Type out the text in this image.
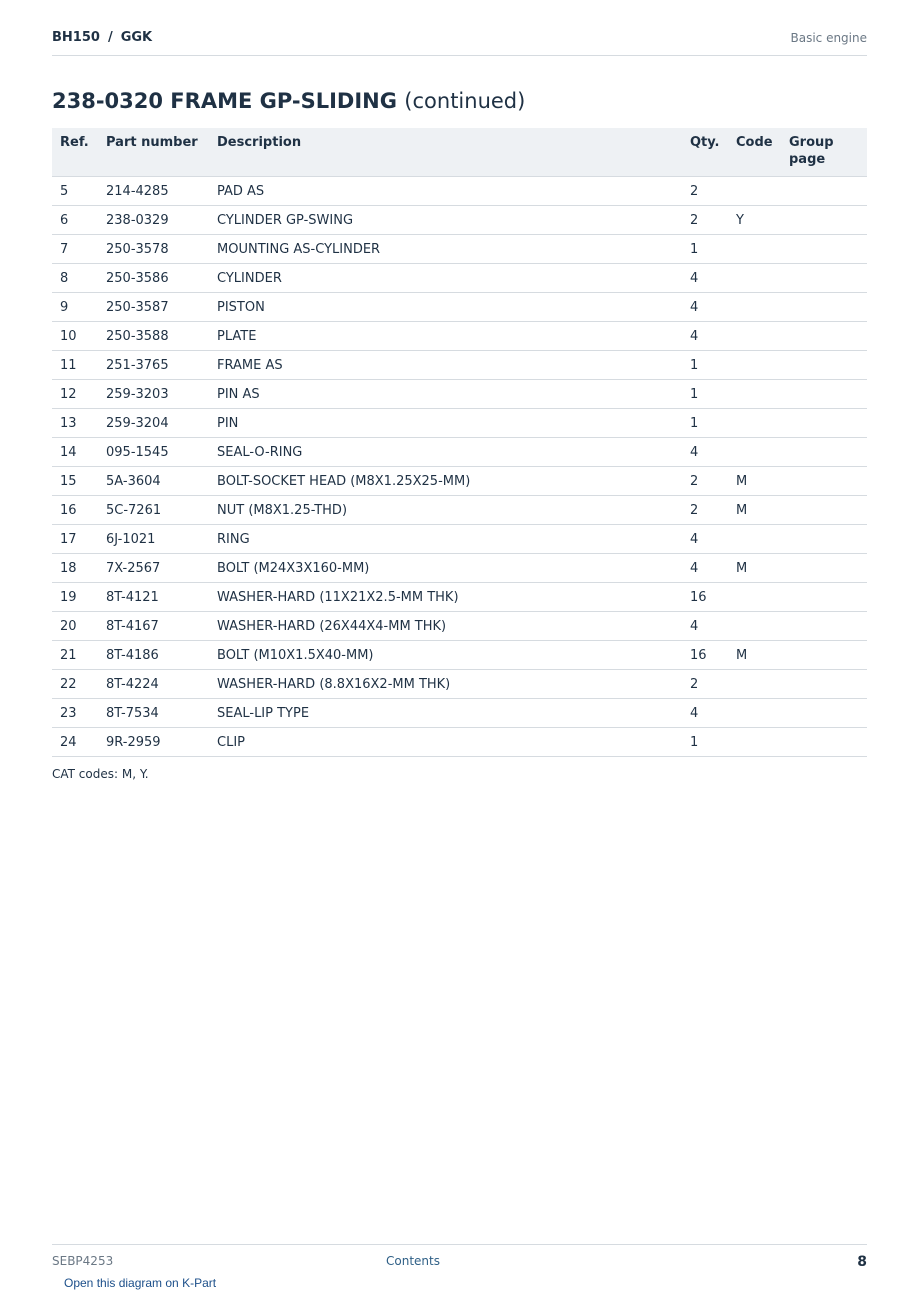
BH150 / GGK	Basic engine
238-0320 FRAME GP-SLIDING (continued)
Ref.	Part number	Description	Qty.	Code	Group page
5	214-4285	PAD AS	2		
6	238-0329	CYLINDER GP-SWING	2	Y	
7	250-3578	MOUNTING AS-CYLINDER	1		
8	250-3586	CYLINDER	4		
9	250-3587	PISTON	4		
10	250-3588	PLATE	4		
11	251-3765	FRAME AS	1		
12	259-3203	PIN AS	1		
13	259-3204	PIN	1		
14	095-1545	SEAL-O-RING	4		
15	5A-3604	BOLT-SOCKET HEAD (M8X1.25X25-MM)	2	M	
16	5C-7261	NUT (M8X1.25-THD)	2	M	
17	6J-1021	RING	4		
18	7X-2567	BOLT (M24X3X160-MM)	4	M	
19	8T-4121	WASHER-HARD (11X21X2.5-MM THK)	16		
20	8T-4167	WASHER-HARD (26X44X4-MM THK)	4		
21	8T-4186	BOLT (M10X1.5X40-MM)	16	M	
22	8T-4224	WASHER-HARD (8.8X16X2-MM THK)	2		
23	8T-7534	SEAL-LIP TYPE	4		
24	9R-2959	CLIP	1		
CAT codes: M, Y.
SEBP4253	Contents	8
Open this diagram on K-Part
